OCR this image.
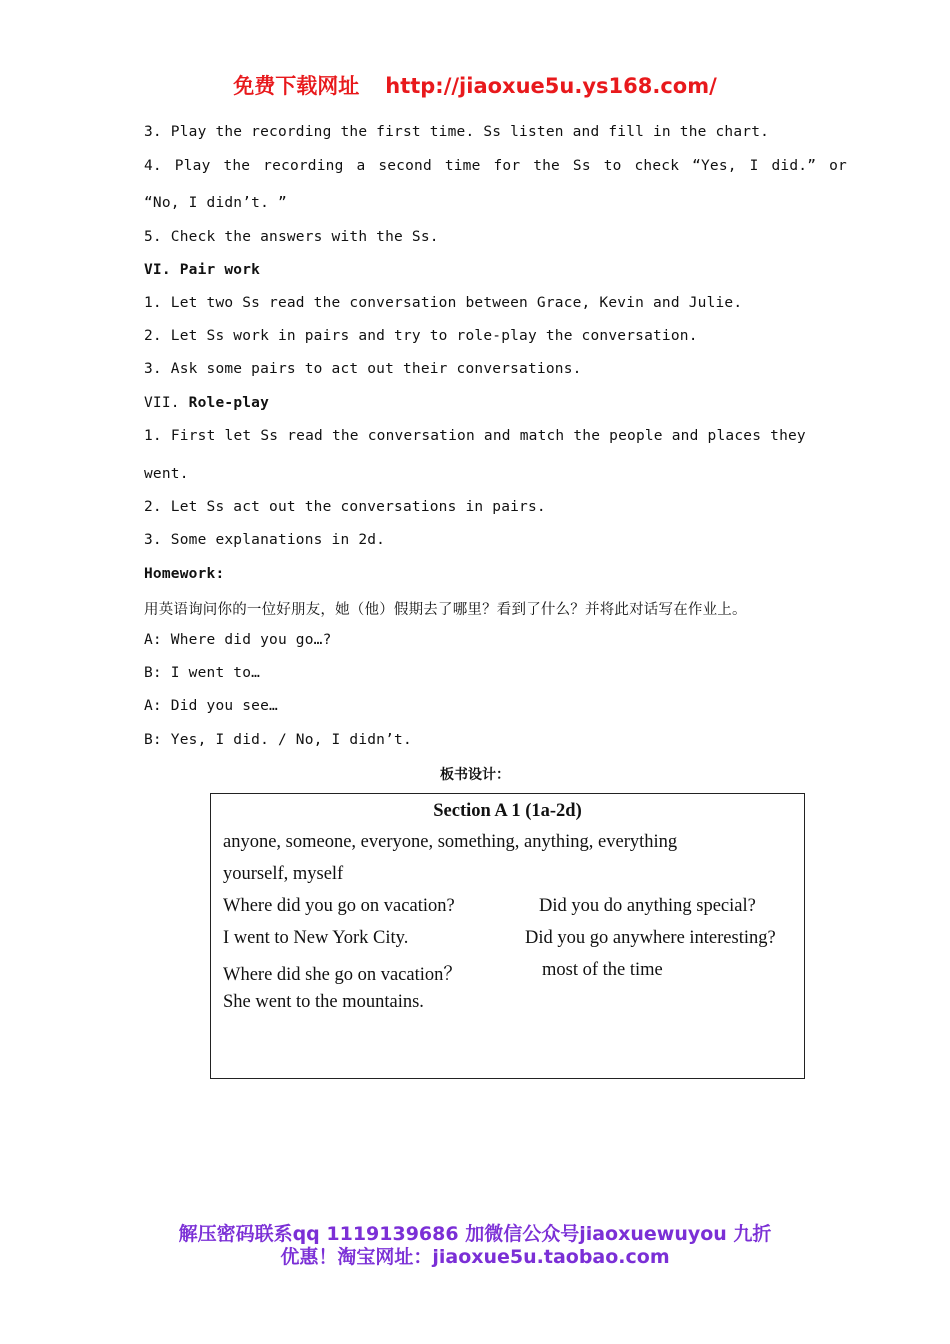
免费下载网址 http://jiaoxue5u.ys168.com/
3. Play the recording the first time. Ss listen and fill in the chart.
4. Play the recording a second time for the Ss to check “Yes, I did.” or
“No, I didn’t. ”
5. Check the answers with the Ss.
VI. Pair work
1. Let two Ss read the conversation between Grace, Kevin and Julie.
2. Let Ss work in pairs and try to role-play the conversation.
3. Ask some pairs to act out their conversations.
VII. Role-play
1. First let Ss read the conversation and match the people and places they
went.
2. Let Ss act out the conversations in pairs.
3. Some explanations in 2d.
Homework:
用英语询问你的一位好朋友，她（他）假期去了哪里？看到了什么？并将此对话写在作业上。
A: Where did you go…?
B: I went to…
A: Did you see…
B: Yes, I did. / No, I didn’t.
板书设计：
Section A 1 (1a-2d)
anyone, someone, everyone, something, anything, everything
yourself, myself
Where did you go on vacation?
I went to New York City.
Where did she go on vacation？
She went to the mountains.
Did you do anything special?
Did you go anywhere interesting?
most of the time
解压密码联系qq 1119139686 加微信公众号jiaoxuewuyou 九折
优惠！淘宝网址：jiaoxue5u.taobao.com
